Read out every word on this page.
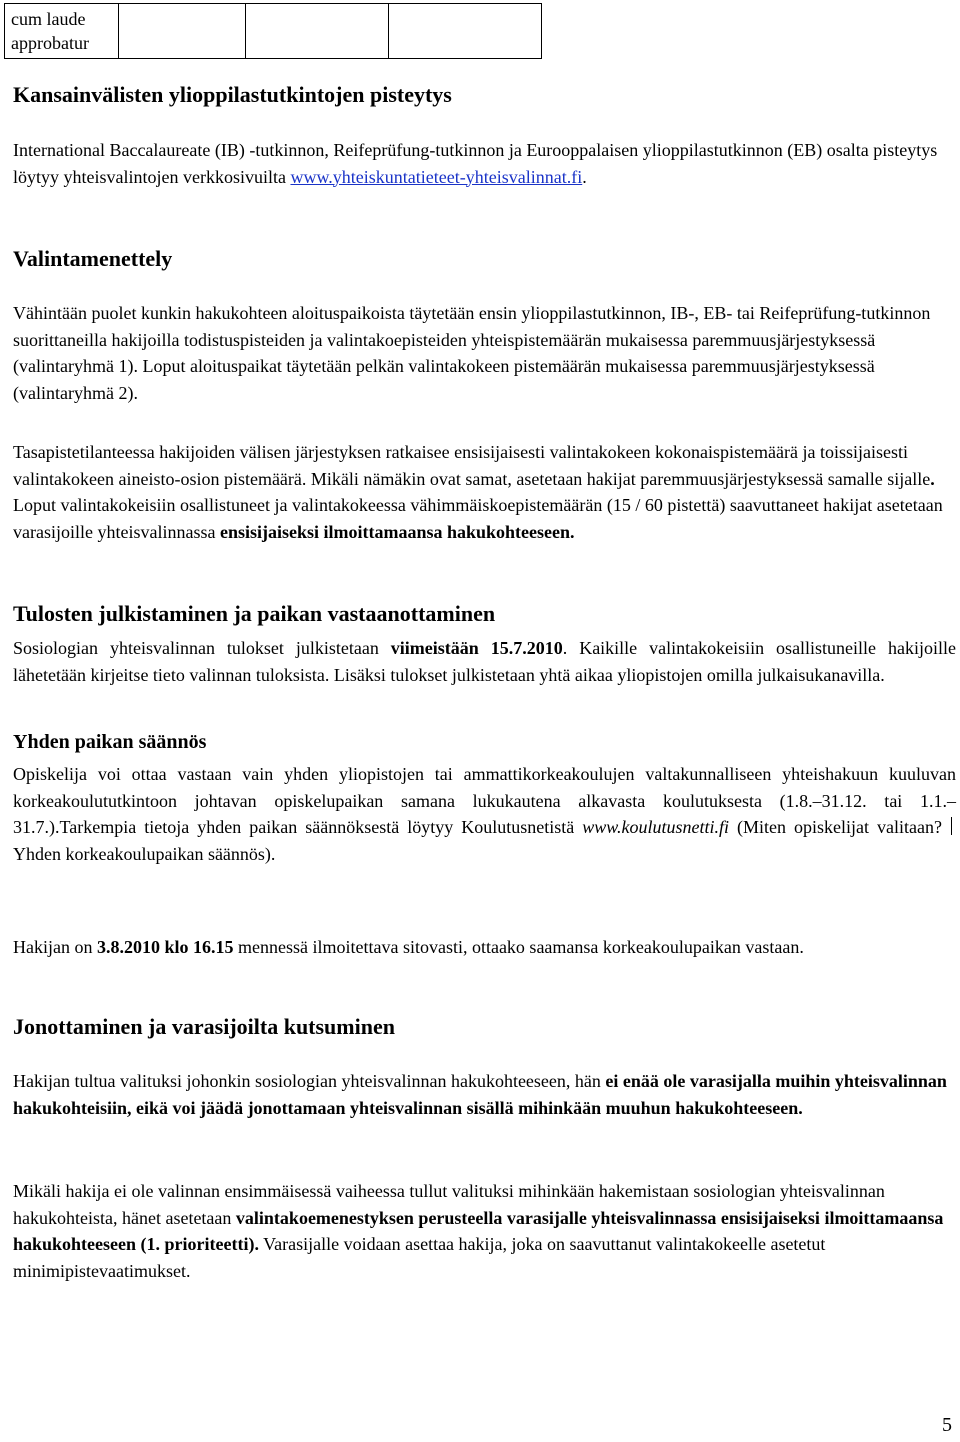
cum laude approbatur			
Kansainvälisten ylioppilastutkintojen pisteytys

International Baccalaureate (IB) -tutkinnon, Reifeprüfung-tutkinnon ja Eurooppalaisen ylioppilastutkinnon (EB) osalta pisteytys löytyy yhteisvalintojen verkkosivuilta www.yhteiskuntatieteet-yhteisvalinnat.fi.

Valintamenettely

Vähintään puolet kunkin hakukohteen aloituspaikoista täytetään ensin ylioppilastutkinnon, IB-, EB- tai Reifeprüfung-tutkinnon suorittaneilla hakijoilla todistuspisteiden ja valintakoepisteiden yhteispistemäärän mukaisessa paremmuusjärjestyksessä (valintaryhmä 1). Loput aloituspaikat täytetään pelkän valintakokeen pistemäärän mukaisessa paremmuusjärjestyksessä (valintaryhmä 2).

Tasapistetilanteessa hakijoiden välisen järjestyksen ratkaisee ensisijaisesti valintakokeen kokonaispistemäärä ja toissijaisesti valintakokeen aineisto-osion pistemäärä. Mikäli nämäkin ovat samat, asetetaan hakijat paremmuusjärjestyksessä samalle sijalle. Loput valintakokeisiin osallistuneet ja valintakokeessa vähimmäiskoepistemäärän (15 / 60 pistettä) saavuttaneet hakijat asetetaan varasijoille yhteisvalinnassa ensisijaiseksi ilmoittamaansa hakukohteeseen.

Tulosten julkistaminen ja paikan vastaanottaminen

Sosiologian yhteisvalinnan tulokset julkistetaan viimeistään 15.7.2010. Kaikille valintakokeisiin osallistuneille hakijoille lähetetään kirjeitse tieto valinnan tuloksista. Lisäksi tulokset julkistetaan yhtä aikaa yliopistojen omilla julkaisukanavilla.

Yhden paikan säännös

Opiskelija voi ottaa vastaan vain yhden yliopistojen tai ammattikorkeakoulujen valtakunnalliseen yhteishakuun kuuluvan korkeakoulututkintoon johtavan opiskelupaikan samana lukukautena alkavasta koulutuksesta (1.8.–31.12. tai 1.1.–31.7.).Tarkempia tietoja yhden paikan säännöksestä löytyy Koulutusnetistä www.koulutusnetti.fi (Miten opiskelijat valitaan? Yhden korkeakoulupaikan säännös).

Hakijan on 3.8.2010 klo 16.15 mennessä ilmoitettava sitovasti, ottaako saamansa korkeakoulupaikan vastaan.

Jonottaminen ja varasijoilta kutsuminen

Hakijan tultua valituksi johonkin sosiologian yhteisvalinnan hakukohteeseen, hän ei enää ole varasijalla muihin yhteisvalinnan hakukohteisiin, eikä voi jäädä jonottamaan yhteisvalinnan sisällä mihinkään muuhun hakukohteeseen.

Mikäli hakija ei ole valinnan ensimmäisessä vaiheessa tullut valituksi mihinkään hakemistaan sosiologian yhteisvalinnan hakukohteista, hänet asetetaan valintakoemenestyksen perusteella varasijalle yhteisvalinnassa ensisijaiseksi ilmoittamaansa hakukohteeseen (1. prioriteetti). Varasijalle voidaan asettaa hakija, joka on saavuttanut valintakokeelle asetetut minimipistevaatimukset.

5
